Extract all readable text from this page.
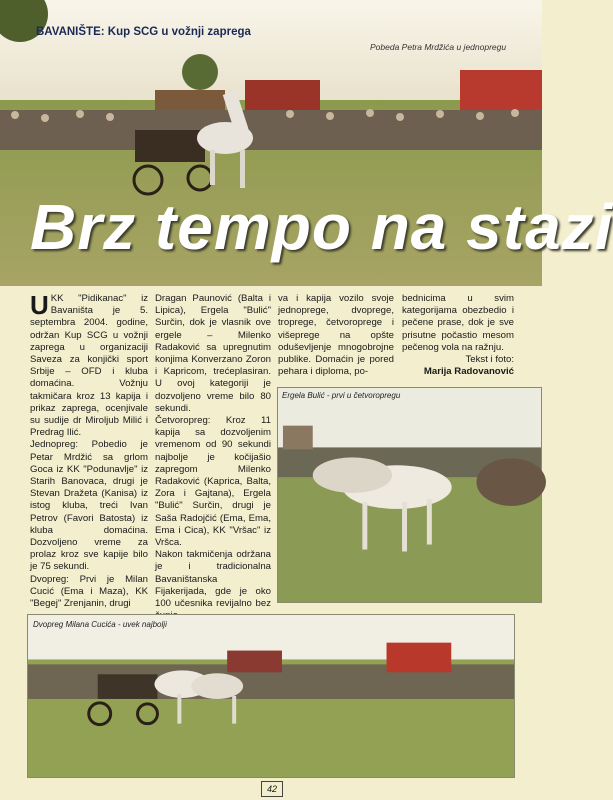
BAVANIŠTE: Kup SCG u vožnji zaprega
Pobeda Petra Mrdžića u jednopregu
Brz tempo na stazi
U KK "Pidikanac" iz Bavaništa je 5. septembra 2004. godine, održan Kup SCG u vožnji zaprega u organizaciji Saveza za konjički sport Srbije – OFD i kluba domaćina. Vožnju takmičara kroz 13 kapija i prikaz zaprega, ocenjivale su sudije dr Miroljub Milić i Predrag Ilić.

Jednopreg: Pobedio je Petar Mrdžić sa grlom Goca iz KK "Podunavlje" iz Starih Banovaca, drugi je Stevan Dražeta (Kanisa) iz istog kluba, treći Ivan Petrov (Favori Batosta) iz kluba domaćina. Dozvoljeno vreme za prolaz kroz sve kapije bilo je 75 sekundi.

Dvopreg: Prvi je Milan Cucić (Ema i Maza), KK "Begej" Zrenjanin, drugi

Dragan Paunović (Balta i Lipica), Ergela "Bulić" Surčin, dok je vlasnik ove ergele – Milenko Radaković sa upregnutim konjima Konverzano Zoron i Kapricom, trećeplasiran. U ovoj kategoriji je dozvoljeno vreme bilo 80 sekundi.

Četvoropreg: Kroz 11 kapija sa dozvoljenim vremenom od 90 sekundi najbolje je kočijašio zapregom Milenko Radaković (Kaprica, Balta, Zora i Gajtana), Ergela "Bulić" Surčin, drugi je Saša Radojčić (Ema, Ema, Ema i Cica), KK "Vršac" iz Vršca.

Nakon takmičenja održana je i tradicionalna Bavaništanska Fijakerijada, gde je oko 100 učesnika revijalno bez

va i kapija vozilo svoje jednoprege, dvoprege, troprege, četvoroprege i višeprege na opšte oduševljenje mnogobrojne publike. Domaćin je pored pehara i diploma, po-

bednicima u svim kategorijama obezbedio i pečene prase, dok je sve prisutne počastio mesom pečenog vola na ražnju.

Tekst i foto:

Marija Radovanović

Ergela Bulić - prvi u četvoropregu
Dvopreg Milana Cucića - uvek najbolji
42
